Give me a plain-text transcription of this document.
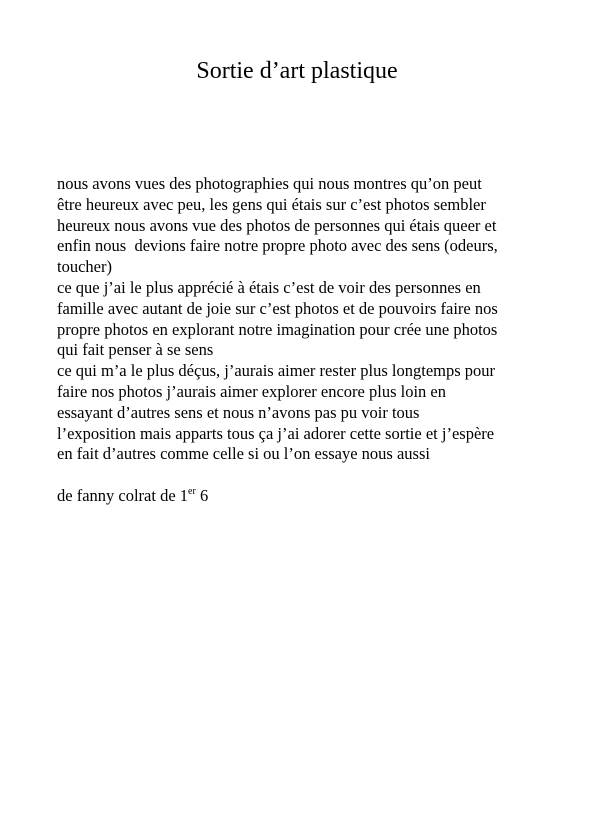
Sortie d’art plastique
nous avons vues des photographies qui nous montres qu’on peut
être heureux avec peu, les gens qui étais sur c’est photos sembler
heureux nous avons vue des photos de personnes qui étais queer et
enfin nous  devions faire notre propre photo avec des sens (odeurs,
toucher)
ce que j’ai le plus apprécié à étais c’est de voir des personnes en
famille avec autant de joie sur c’est photos et de pouvoirs faire nos
propre photos en explorant notre imagination pour crée une photos
qui fait penser à se sens
ce qui m’a le plus déçus, j’aurais aimer rester plus longtemps pour
faire nos photos j’aurais aimer explorer encore plus loin en
essayant d’autres sens et nous n’avons pas pu voir tous
l’exposition mais apparts tous ça j’ai adorer cette sortie et j’espère
en fait d’autres comme celle si ou l’on essaye nous aussi
de fanny colrat de 1er 6
